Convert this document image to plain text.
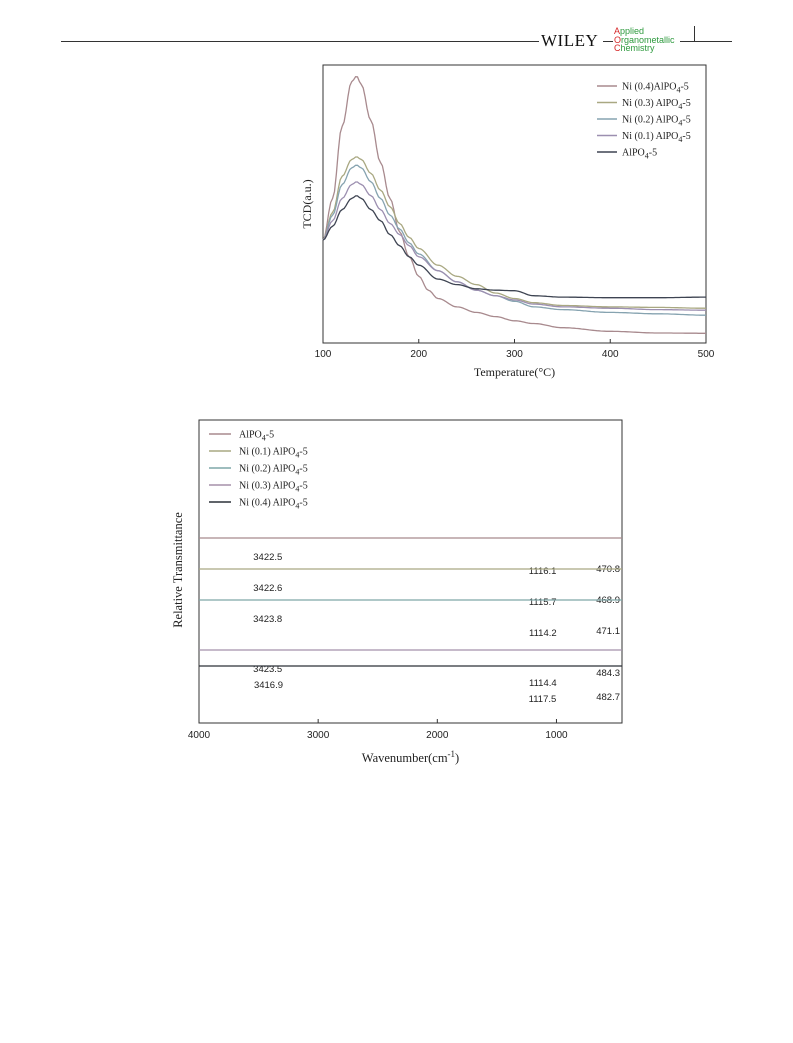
WILEY Applied
Organometallic
Chemistry
100	200	300	400	500
Temperature(°C)
TCD(a.u.)
Ni (0.4)AlPO$_4$-5
Ni (0.3) AlPO$_4$-5
Ni (0.2) AlPO$_4$-5
Ni (0.1) AlPO$_4$-5
AlPO$_4$-5
4000	3000	2000	1000
$Wavenumber(cm^{-1})$
Relative Transmittance	3422.5
1116.1	470.8
3422.6
1115.7	468.9
3423.8
1114.2	471.1
3423.5
1114.4
484.3
3416.9
1117.5	482.7
AlPO$_4$-5
Ni (0.1) AlPO$_4$-5
Ni (0.2) AlPO$_4$-5
Ni (0.3) AlPO$_4$-5
Ni (0.4) AlPO$_4$-5
